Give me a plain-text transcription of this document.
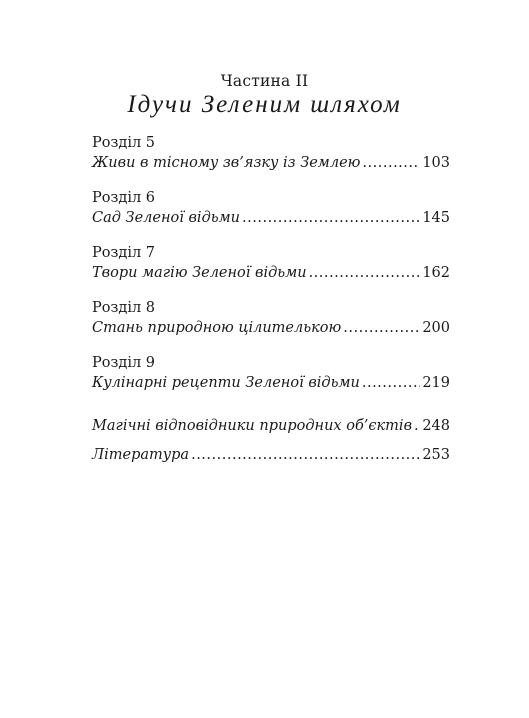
Частина ІІ
Ідучи Зеленим шляхом
Розділ 5
Живи в тісному зв’язку із Землею .....	103
Розділ 6
Сад Зеленої відьми .....	145
Розділ 7
Твори магію Зеленої відьми .....	162
Розділ 8
Стань природною цілителькою .....	200
Розділ 9
Кулінарні рецепти Зеленої відьми .....	219
Магічні відповідники природних об’єктів ..... 248
Література .....	253
